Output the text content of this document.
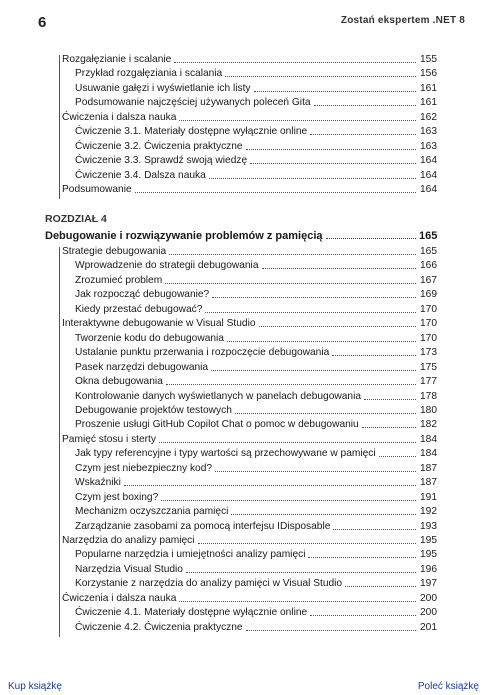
6	Zostań ekspertem .NET 8
Rozgałęzianie i scalanie	155
Przykład rozgałęziania i scalania	156
Usuwanie gałęzi i wyświetlanie ich listy	161
Podsumowanie najczęściej używanych poleceń Gita	161
Ćwiczenia i dalsza nauka	162
Ćwiczenie 3.1. Materiały dostępne wyłącznie online	163
Ćwiczenie 3.2. Ćwiczenia praktyczne	163
Ćwiczenie 3.3. Sprawdź swoją wiedzę	164
Ćwiczenie 3.4. Dalsza nauka	164
Podsumowanie	164
Strategie debugowania	165
Wprowadzenie do strategii debugowania	166
Zrozumieć problem	167
Jak rozpocząć debugowanie?	169
Kiedy przestać debugować?	170
Interaktywne debugowanie w Visual Studio	170
Tworzenie kodu do debugowania	170
Ustalanie punktu przerwania i rozpoczęcie debugowania	173
Pasek narzędzi debugowania	175
Okna debugowania	177
Kontrolowanie danych wyświetlanych w panelach debugowania	178
Debugowanie projektów testowych	180
Proszenie usługi GitHub Copilot Chat o pomoc w debugowaniu	182
Pamięć stosu i sterty	184
Jak typy referencyjne i typy wartości są przechowywane w pamięci	184
Czym jest niebezpieczny kod?	187
Wskaźniki	187
Czym jest boxing?	191
Mechanizm oczyszczania pamięci	192
Zarządzanie zasobami za pomocą interfejsu IDisposable	193
Narzędzia do analizy pamięci	195
Popularne narzędzia i umiejętności analizy pamięci	195
Narzędzia Visual Studio	196
Korzystanie z narzędzia do analizy pamięci w Visual Studio	197
Ćwiczenia i dalsza nauka	200
Ćwiczenie 4.1. Materiały dostępne wyłącznie online	200
Ćwiczenie 4.2. Ćwiczenia praktyczne	201
ROZDZIAŁ 4
Debugowanie i rozwiązywanie problemów z pamięcią	165
Kup książkę	Poleć książkę
